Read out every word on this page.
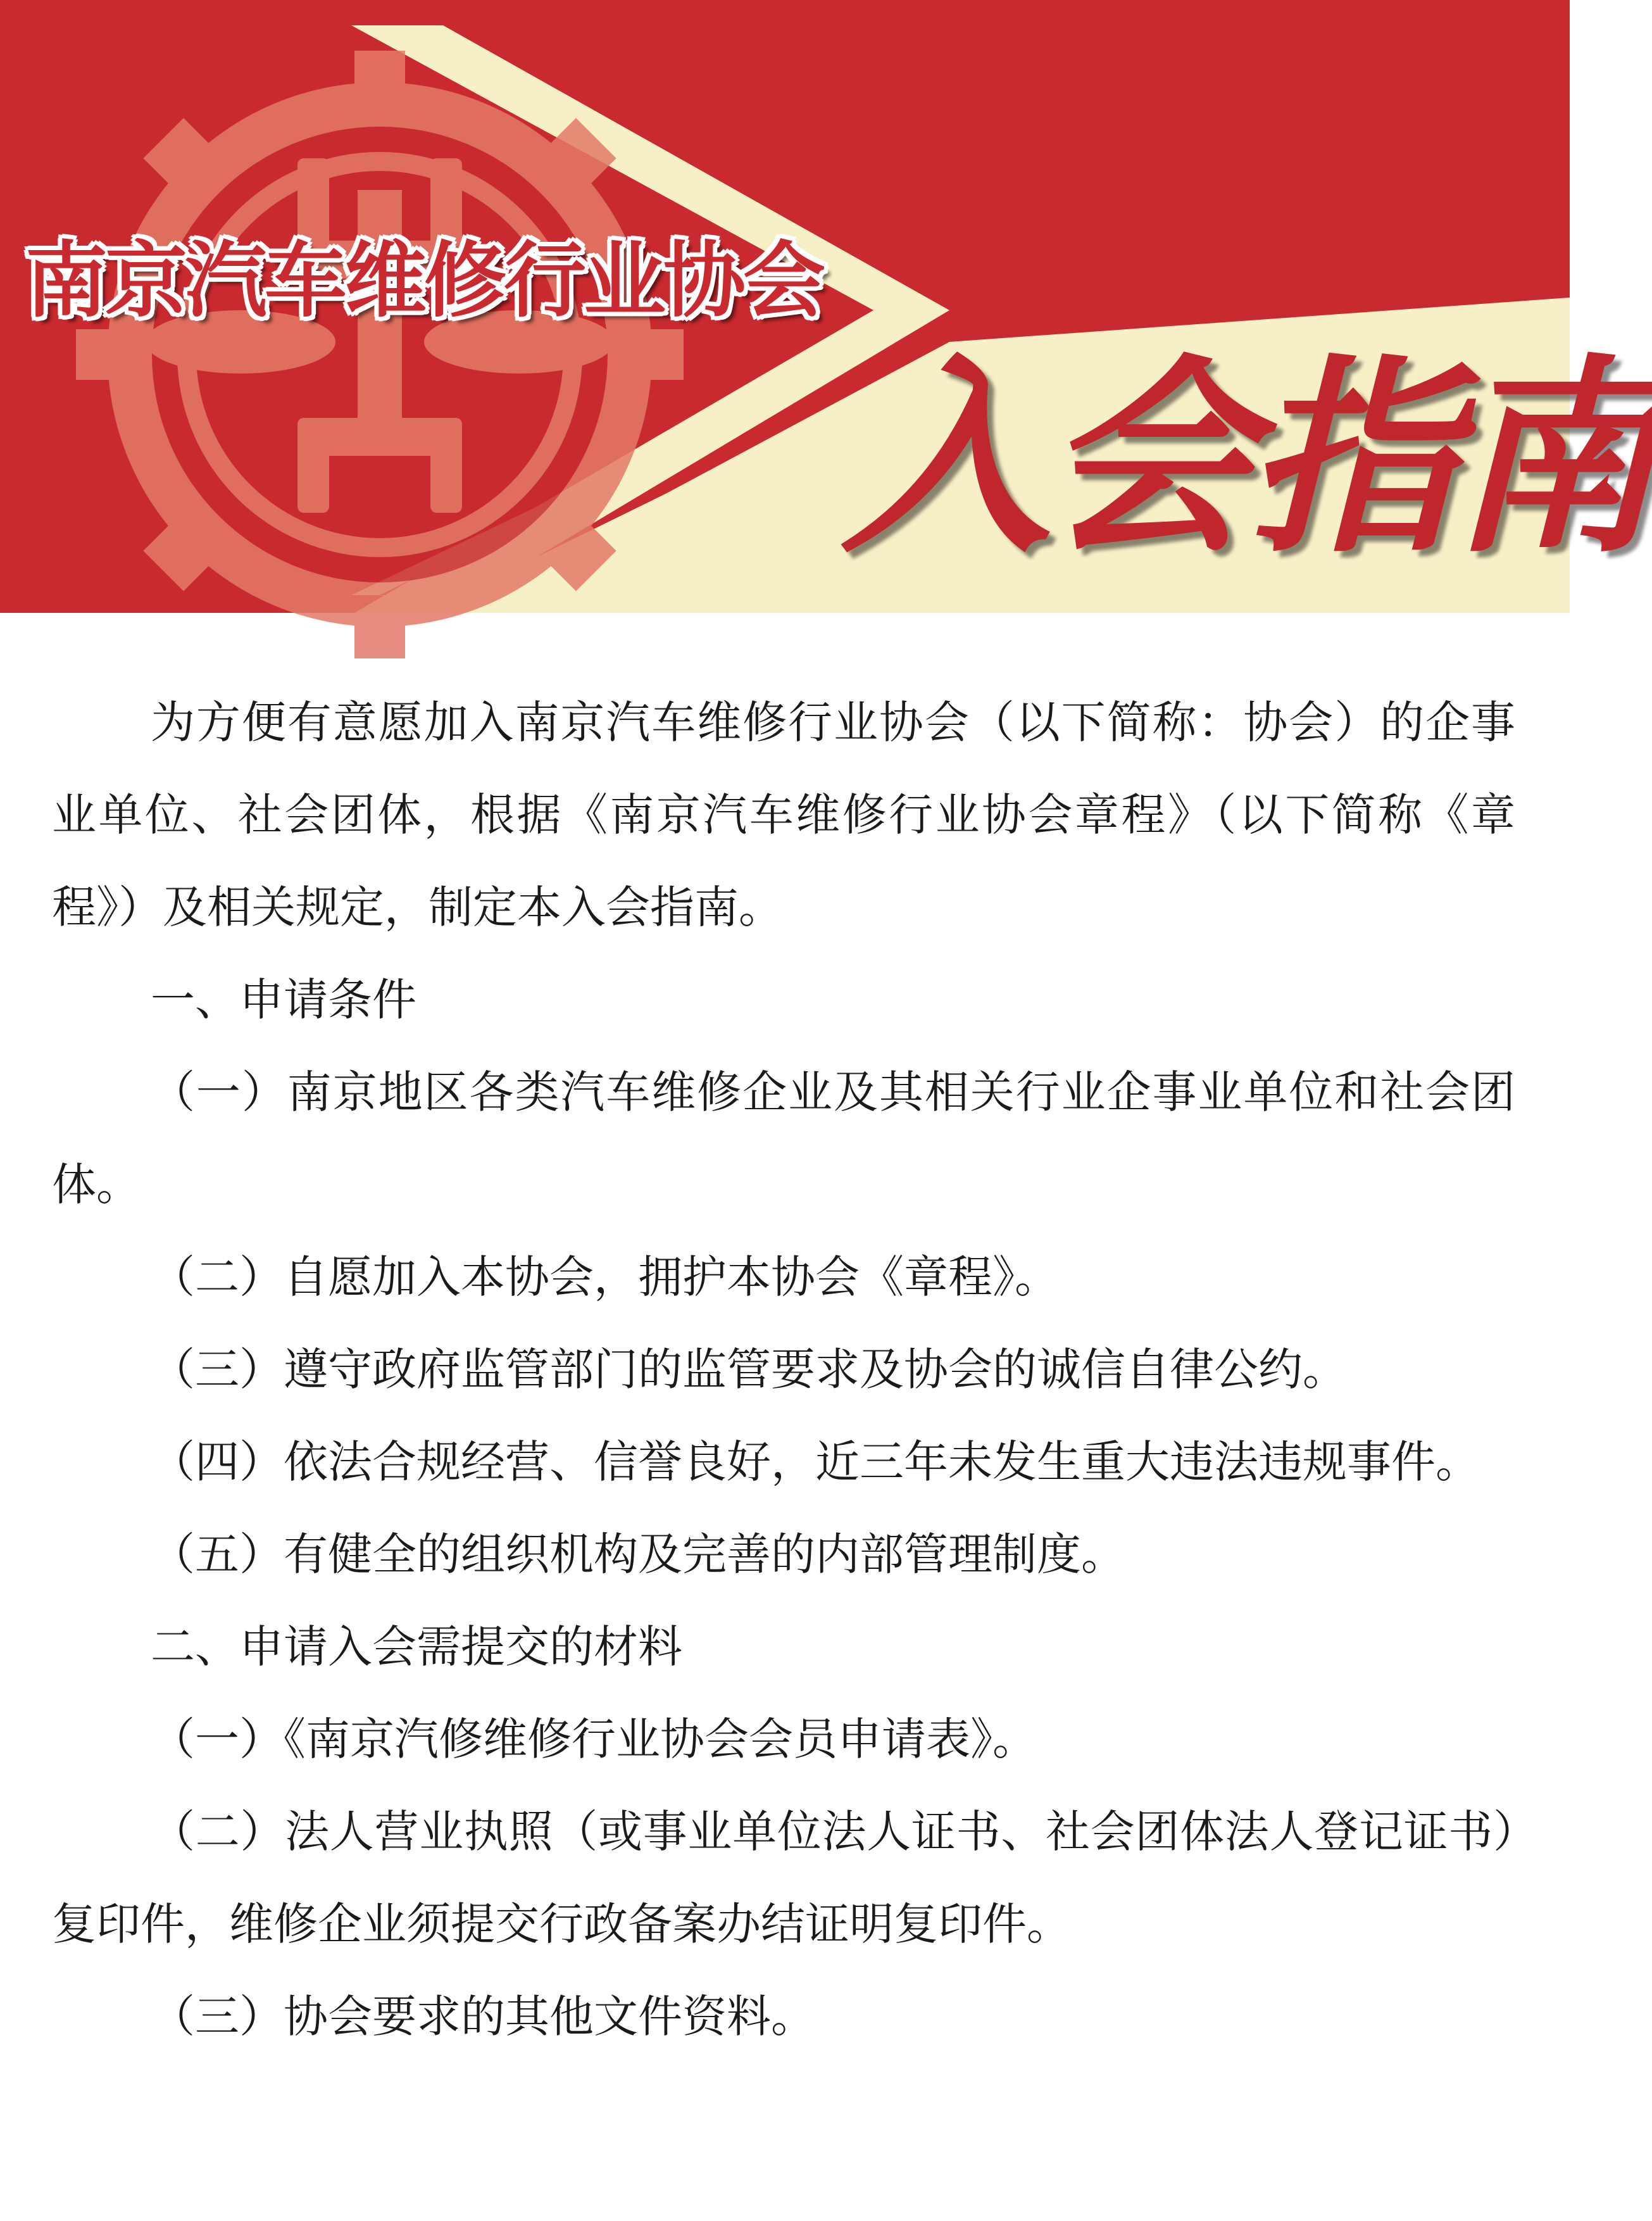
南京汽车维修行业协会
入会指南

为方便有意愿加入南京汽车维修行业协会（以下简称：协会）的企事业单位、社会团体，根据《南京汽车维修行业协会章程》（以下简称《章程》）及相关规定，制定本入会指南。

一、申请条件

（一）南京地区各类汽车维修企业及其相关行业企事业单位和社会团体。

（二）自愿加入本协会，拥护本协会《章程》。

（三）遵守政府监管部门的监管要求及协会的诚信自律公约。

（四）依法合规经营、信誉良好，近三年未发生重大违法违规事件。

（五）有健全的组织机构及完善的内部管理制度。

二、申请入会需提交的材料

（一）《南京汽修维修行业协会会员申请表》。

（二）法人营业执照（或事业单位法人证书、社会团体法人登记证书）复印件，维修企业须提交行政备案办结证明复印件。

（三）协会要求的其他文件资料。
